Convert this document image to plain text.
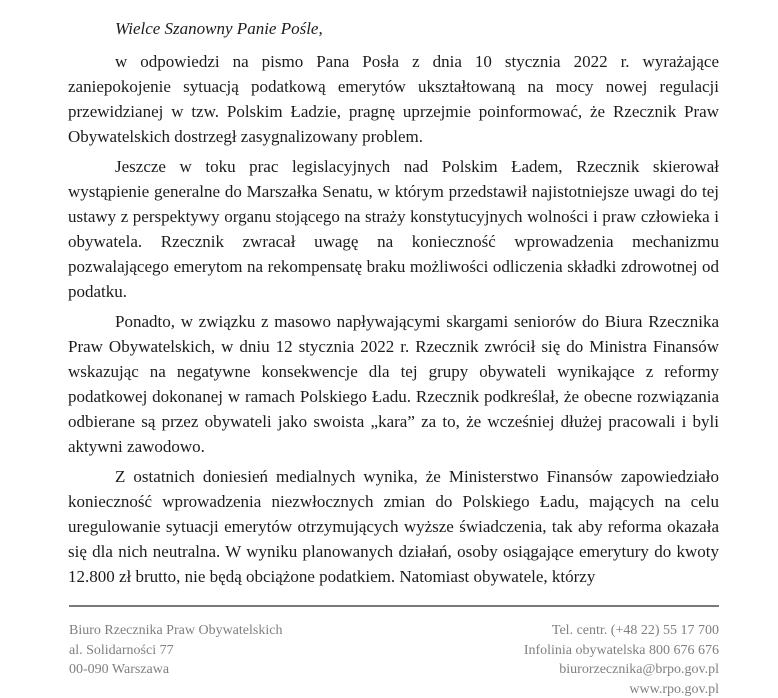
Wielce Szanowny Panie Pośle,

w odpowiedzi na pismo Pana Posła z dnia 10 stycznia 2022 r. wyrażające zaniepokojenie sytuacją podatkową emerytów ukształtowaną na mocy nowej regulacji przewidzianej w tzw. Polskim Ładzie, pragnę uprzejmie poinformować, że Rzecznik Praw Obywatelskich dostrzegł zasygnalizowany problem.

Jeszcze w toku prac legislacyjnych nad Polskim Ładem, Rzecznik skierował wystąpienie generalne do Marszałka Senatu, w którym przedstawił najistotniejsze uwagi do tej ustawy z perspektywy organu stojącego na straży konstytucyjnych wolności i praw człowieka i obywatela. Rzecznik zwracał uwagę na konieczność wprowadzenia mechanizmu pozwalającego emerytom na rekompensatę braku możliwości odliczenia składki zdrowotnej od podatku.

Ponadto, w związku z masowo napływającymi skargami seniorów do Biura Rzecznika Praw Obywatelskich, w dniu 12 stycznia 2022 r. Rzecznik zwrócił się do Ministra Finansów wskazując na negatywne konsekwencje dla tej grupy obywateli wynikające z reformy podatkowej dokonanej w ramach Polskiego Ładu. Rzecznik podkreślał, że obecne rozwiązania odbierane są przez obywateli jako swoista „kara” za to, że wcześniej dłużej pracowali i byli aktywni zawodowo.

Z ostatnich doniesień medialnych wynika, że Ministerstwo Finansów zapowiedziało konieczność wprowadzenia niezwłocznych zmian do Polskiego Ładu, mających na celu uregulowanie sytuacji emerytów otrzymujących wyższe świadczenia, tak aby reforma okazała się dla nich neutralna. W wyniku planowanych działań, osoby osiągające emerytury do kwoty 12.800 zł brutto, nie będą obciążone podatkiem. Natomiast obywatele, którzy

Biuro Rzecznika Praw Obywatelskich
al. Solidarności 77
00-090 Warszawa
Tel. centr. (+48 22) 55 17 700
Infolinia obywatelska 800 676 676
biurorzecznika@brpo.gov.pl
www.rpo.gov.pl
